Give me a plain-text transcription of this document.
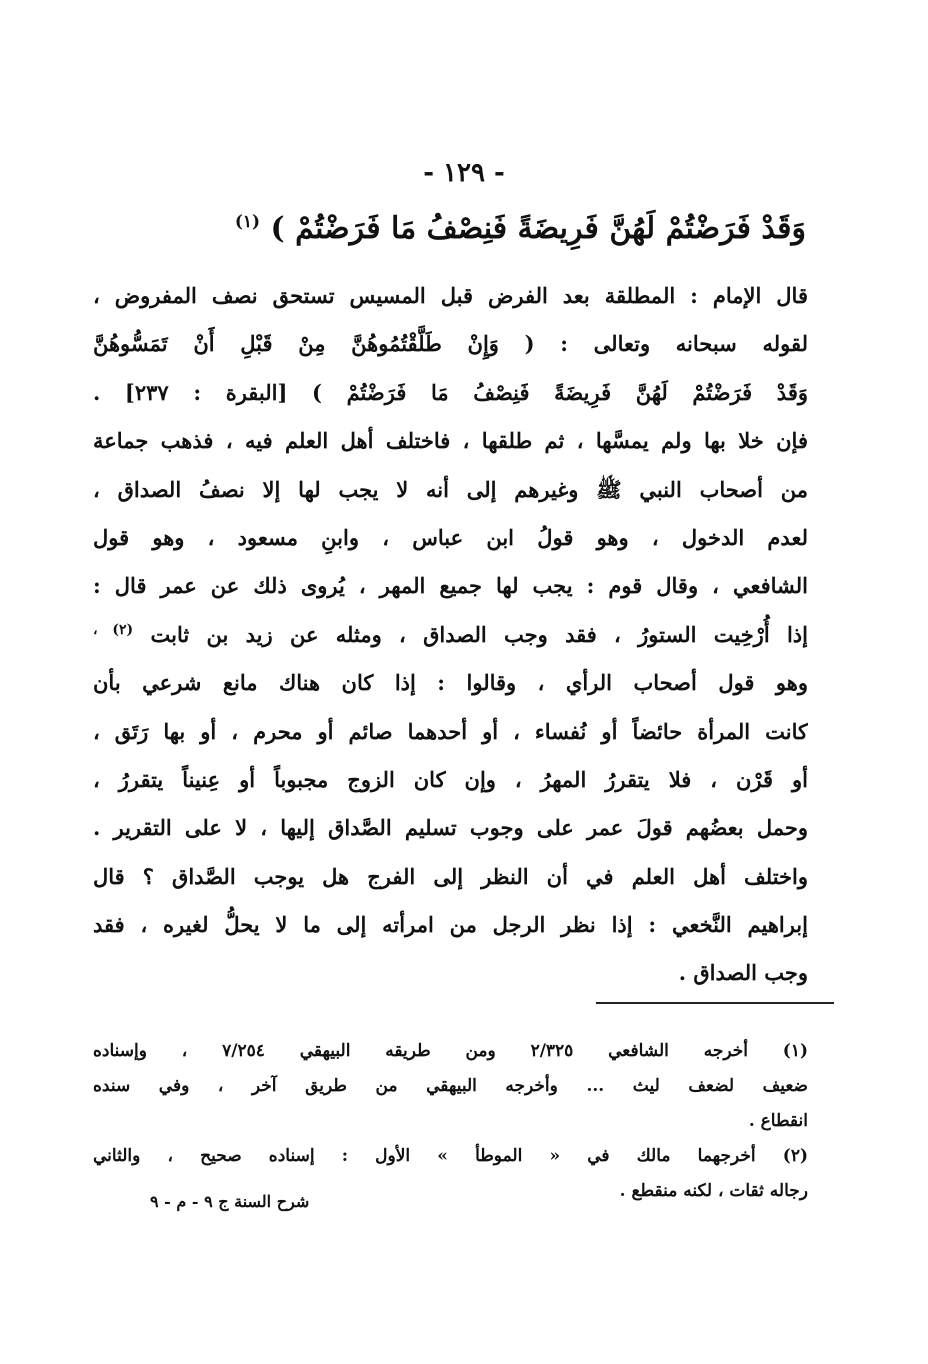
- ١٢٩ -
وَقَدْ فَرَضْتُمْ لَهُنَّ فَرِيضَةً فَنِصْفُ مَا فَرَضْتُمْ ) $^{(١)}$
قال الإمام : المطلقة بعد الفرض قبل المسيس تستحق نصف المفروض ،
لقوله سبحانه وتعالى : ( وَإِنْ طَلَّقْتُمُوهُنَّ مِنْ قَبْلِ أَنْ تَمَسُّوهُنَّ
وَقَدْ فَرَضْتُمْ لَهُنَّ فَرِيضَةً فَنِصْفُ مَا فَرَضْتُمْ ) [البقرة : ٢٣٧] .
فإن خلا بها ولم يمسَّها ، ثم طلقها ، فاختلف أهل العلم فيه ، فذهب جماعة
من أصحاب النبي ﷺ وغيرهم إلى أنه لا يجب لها إلا نصفُ الصداق ،
لعدم الدخول ، وهو قولُ ابن عباس ، وابنِ مسعود ، وهو قول
الشافعي ، وقال قوم : يجب لها جميع المهر ، يُروى ذلك عن عمر قال :
إذا أُرْخِيت الستورُ ، فقد وجب الصداق ، ومثله عن زيد بن ثابت $^{(٢) ،}$
وهو قول أصحاب الرأي ، وقالوا : إذا كان هناك مانع شرعي بأن
كانت المرأة حائضاً أو نُفساء ، أو أحدهما صائم أو محرم ، أو بها رَتَق ،
أو قَرْن ، فلا يتقررُ المهرُ ، وإن كان الزوج مجبوباً أو عِنيناً يتقررُ ،
وحمل بعضُهم قولَ عمر على وجوب تسليم الصَّداق إليها ، لا على التقرير .
واختلف أهل العلم في أن النظر إلى الفرج هل يوجب الصَّداق ؟ قال
إبراهيم النَّخعي : إذا نظر الرجل من امرأته إلى ما لا يحلُّ لغيره ، فقد
وجب الصداق .
(١) أخرجه الشافعي ٢/٣٢٥ ومن طريقه البيهقي ٧/٢٥٤ ، وإسناده
ضعيف لضعف ليث ... وأخرجه البيهقي من طريق آخر ، وفي سنده
انقطاع .
(٢) أخرجهما مالك في « الموطأ » الأول : إسناده صحيح ، والثاني
رجاله ثقات ، لكنه منقطع .
شرح السنة ج ٩ - م - ٩
